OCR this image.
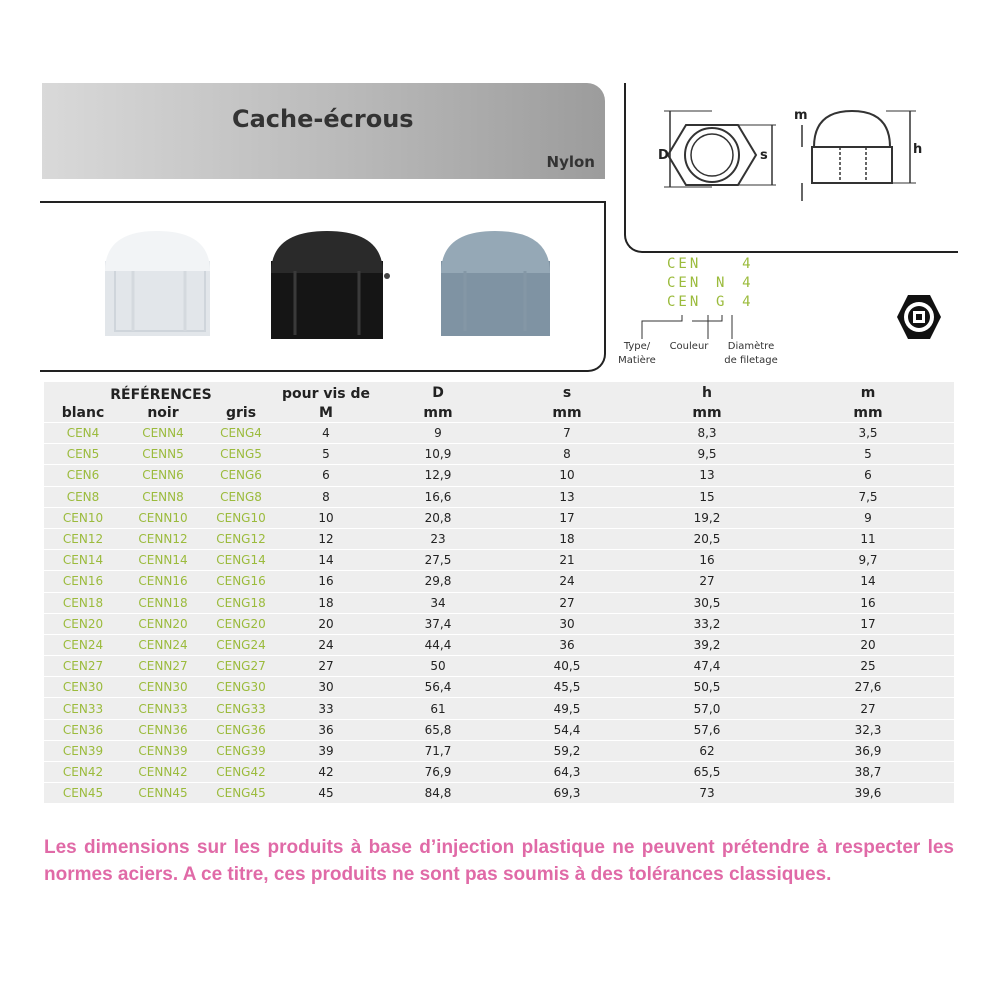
Cache-écrous
Nylon	D	s
m
h
CEN	4
CEN N 4
CEN G 4
Type/
Matière
Couleur	Diamètre
de filetage
RÉFÉRENCES			pour vis de	D	s	h	m
blanc	noir	gris	M	mm	mm	mm	mm
CEN4	CENN4	CENG4	4	9	7	8,3	3,5
CEN5	CENN5	CENG5	5	10,9	8	9,5	5
CEN6	CENN6	CENG6	6	12,9	10	13	6
CEN8	CENN8	CENG8	8	16,6	13	15	7,5
CEN10	CENN10	CENG10	10	20,8	17	19,2	9
CEN12	CENN12	CENG12	12	23	18	20,5	11
CEN14	CENN14	CENG14	14	27,5	21	16	9,7
CEN16	CENN16	CENG16	16	29,8	24	27	14
CEN18	CENN18	CENG18	18	34	27	30,5	16
CEN20	CENN20	CENG20	20	37,4	30	33,2	17
CEN24	CENN24	CENG24	24	44,4	36	39,2	20
CEN27	CENN27	CENG27	27	50	40,5	47,4	25
CEN30	CENN30	CENG30	30	56,4	45,5	50,5	27,6
CEN33	CENN33	CENG33	33	61	49,5	57,0	27
CEN36	CENN36	CENG36	36	65,8	54,4	57,6	32,3
CEN39	CENN39	CENG39	39	71,7	59,2	62	36,9
CEN42	CENN42	CENG42	42	76,9	64,3	65,5	38,7
CEN45	CENN45	CENG45	45	84,8	69,3	73	39,6
Les dimensions sur les produits à base d’injection plastique ne peuvent prétendre à respecter les normes aciers. A ce titre, ces produits ne sont pas soumis à des tolérances classiques.
